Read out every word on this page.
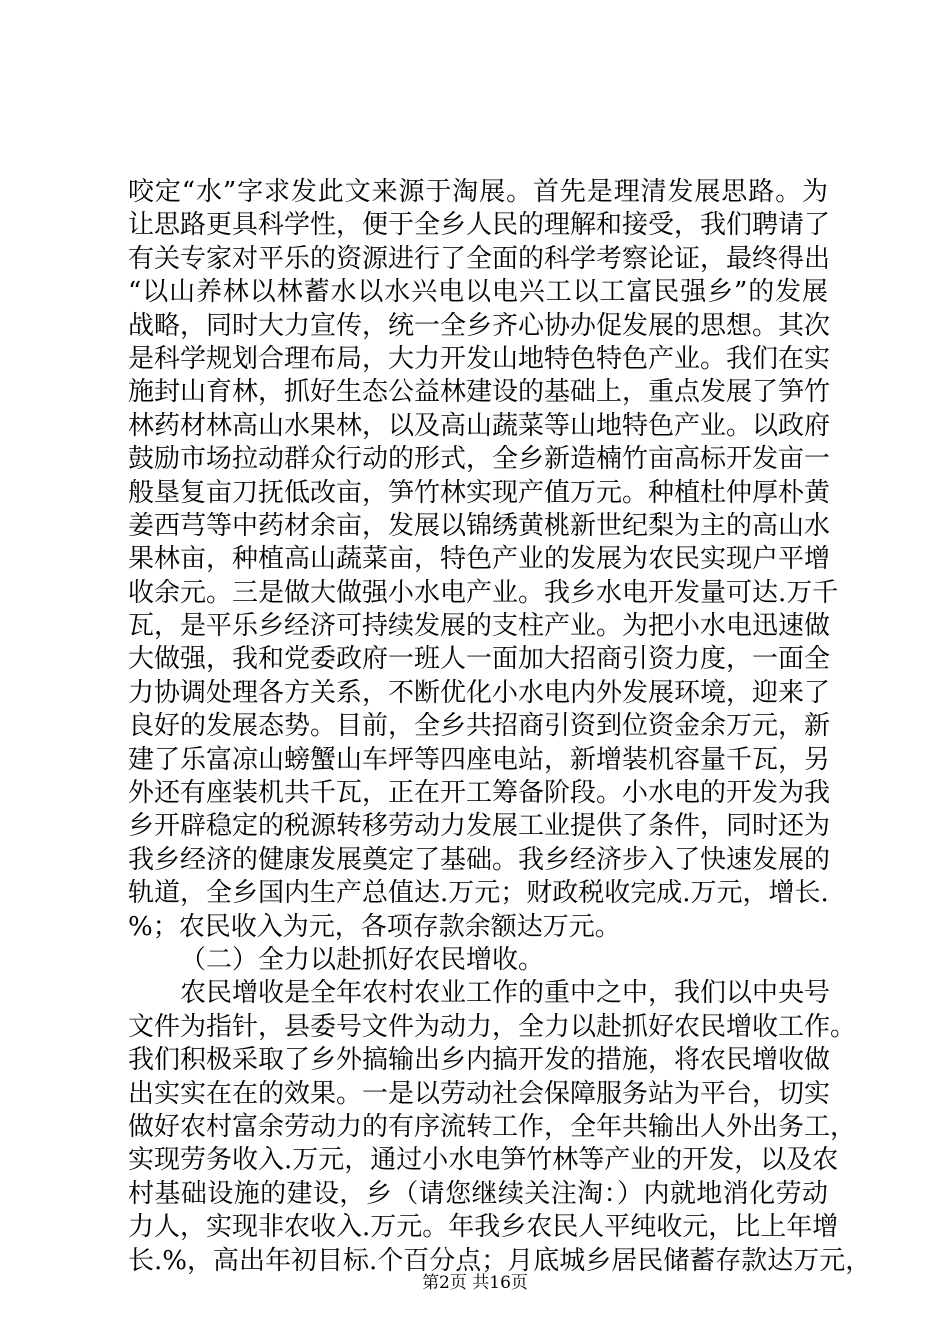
咬定“水”字求发此文来源于淘展。首先是理清发展思路。为
让思路更具科学性，便于全乡人民的理解和接受，我们聘请了
有关专家对平乐的资源进行了全面的科学考察论证，最终得出
“以山养林以林蓄水以水兴电以电兴工以工富民强乡”的发展
战略，同时大力宣传，统一全乡齐心协办促发展的思想。其次
是科学规划合理布局，大力开发山地特色特色产业。我们在实
施封山育林，抓好生态公益林建设的基础上，重点发展了笋竹
林药材林高山水果林，以及高山蔬菜等山地特色产业。以政府
鼓励市场拉动群众行动的形式，全乡新造楠竹亩高标开发亩一
般垦复亩刀抚低改亩，笋竹林实现产值万元。种植杜仲厚朴黄
姜西芎等中药材余亩，发展以锦绣黄桃新世纪梨为主的高山水
果林亩，种植高山蔬菜亩，特色产业的发展为农民实现户平增
收余元。三是做大做强小水电产业。我乡水电开发量可达.万千
瓦，是平乐乡经济可持续发展的支柱产业。为把小水电迅速做
大做强，我和党委政府一班人一面加大招商引资力度，一面全
力协调处理各方关系，不断优化小水电内外发展环境，迎来了
良好的发展态势。目前，全乡共招商引资到位资金余万元，新
建了乐富凉山螃蟹山车坪等四座电站，新增装机容量千瓦，另
外还有座装机共千瓦，正在开工筹备阶段。小水电的开发为我
乡开辟稳定的税源转移劳动力发展工业提供了条件，同时还为
我乡经济的健康发展奠定了基础。我乡经济步入了快速发展的
轨道，全乡国内生产总值达.万元；财政税收完成.万元，增长.
%；农民收入为元，各项存款余额达万元。
（二）全力以赴抓好农民增收。
农民增收是全年农村农业工作的重中之中，我们以中央号
文件为指针，县委号文件为动力，全力以赴抓好农民增收工作。
我们积极采取了乡外搞输出乡内搞开发的措施，将农民增收做
出实实在在的效果。一是以劳动社会保障服务站为平台，切实
做好农村富余劳动力的有序流转工作，全年共输出人外出务工，
实现劳务收入.万元，通过小水电笋竹林等产业的开发，以及农
村基础设施的建设，乡（请您继续关注淘：）内就地消化劳动
力人，实现非农收入.万元。年我乡农民人平纯收元，比上年增
长.%，高出年初目标.个百分点；月底城乡居民储蓄存款达万元，
第2页 共16页
